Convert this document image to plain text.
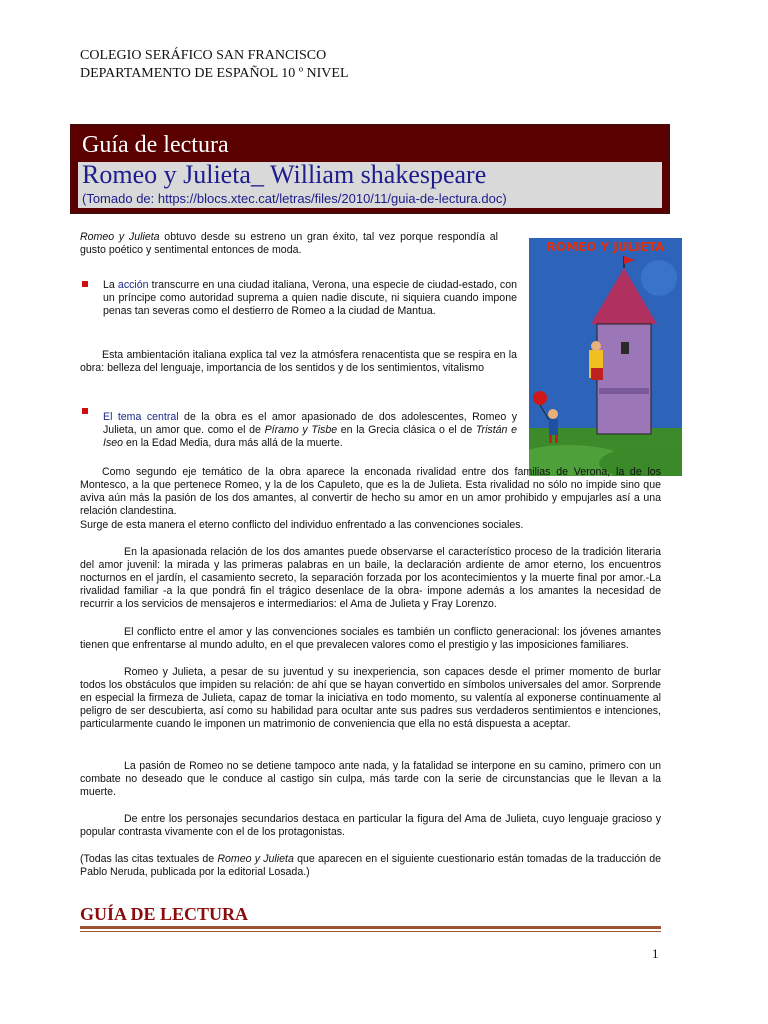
COLEGIO SERÁFICO SAN FRANCISCO
DEPARTAMENTO DE ESPAÑOL 10 º NIVEL
Guía de lectura
Romeo y Julieta_ William shakespeare
(Tomado de: https://blocs.xtec.cat/letras/files/2010/11/guia-de-lectura.doc)
Romeo y Julieta obtuvo desde su estreno un gran éxito, tal vez porque respondía al gusto poético y sentimental entonces de moda.
La acción transcurre en una ciudad italiana, Verona, una especie de ciudad-estado, con un príncipe como autoridad suprema a quien nadie discute, ni siquiera cuando impone penas tan severas como el destierro de Romeo a la ciudad de Mantua.
Esta ambientación italiana explica tal vez la atmósfera renacentista que se respira en la obra: belleza del lenguaje, importancia de los sentidos y de los sentimientos, vitalismo
El tema central de la obra es el amor apasionado de dos adolescentes, Romeo y Julieta, un amor que. como el de Píramo y Tisbe en la Grecia clásica o el de Tristán e Iseo en la Edad Media, dura más allá de la muerte.
ROMEO Y JULIETA
Como segundo eje temático de la obra aparece la enconada rivalidad entre dos familias de Verona, la de los Montesco, a la que pertenece Romeo, y la de los Capuleto, que es la de Julieta. Esta rivalidad no sólo no impide sino que aviva aún más la pasión de los dos amantes, al convertir de hecho su amor en un amor prohibido y empujarles así a una relación clandestina.
Surge de esta manera el eterno conflicto del individuo enfrentado a las convenciones sociales.
En la apasionada relación de los dos amantes puede observarse el característico proceso de la tradición literaria del amor juvenil: la mirada y las primeras palabras en un baile, la declaración ardiente de amor eterno, los encuentros nocturnos en el jardín, el casamiento secreto, la separación forzada por los acontecimientos y la muerte final por amor.-La rivalidad familiar -a la que pondrá fin el trágico desenlace de la obra- impone además a los amantes la necesidad de recurrir a los servicios de mensajeros e intermediarios: el Ama de Julieta y Fray Lorenzo.
El conflicto entre el amor y las convenciones sociales es también un conflicto generacional: los jóvenes amantes tienen que enfrentarse al mundo adulto, en el que prevalecen valores como el prestigio y las imposiciones familiares.
Romeo y Julieta, a pesar de su juventud y su inexperiencia, son capaces desde el primer momento de burlar todos los obstáculos que impiden su relación: de ahí que se hayan convertido en símbolos universales del amor. Sorprende en especial la firmeza de Julieta, capaz de tomar la iniciativa en todo momento, su valentía al exponerse continuamente al peligro de ser descubierta, así como su habilidad para ocultar ante sus padres sus verdaderos sentimientos e intenciones, particularmente cuando le imponen un matrimonio de conveniencia que ella no está dispuesta a aceptar.
La pasión de Romeo no se detiene tampoco ante nada, y la fatalidad se interpone en su camino, primero con un combate no deseado que le conduce al castigo sin culpa, más tarde con la serie de circunstancias que le llevan a la muerte.
De entre los personajes secundarios destaca en particular la figura del Ama de Julieta, cuyo lenguaje gracioso y popular contrasta vivamente con el de los protagonistas.
(Todas las citas textuales de Romeo y Julieta que aparecen en el siguiente cuestionario están tomadas de la traducción de Pablo Neruda, publicada por la editorial Losada.)
GUÍA DE LECTURA
1
